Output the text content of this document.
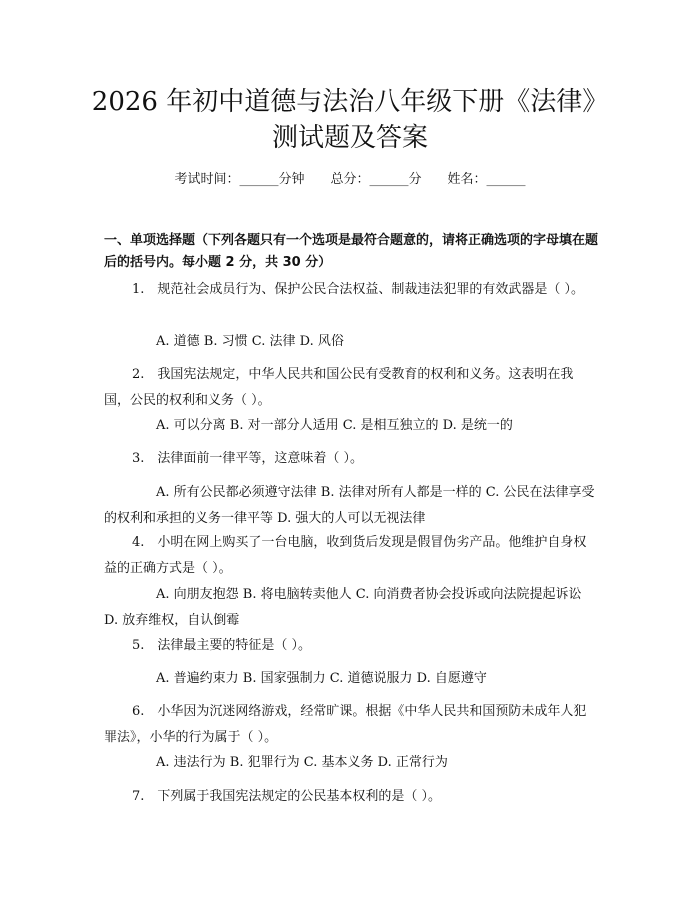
2026 年初中道德与法治八年级下册《法律》
测试题及答案
考试时间：______分钟 总分：______分 姓名：______
一、单项选择题（下列各题只有一个选项是最符合题意的，请将正确选项的字母填在题后的括号内。每小题 2 分，共 30 分）
1.　规范社会成员行为、保护公民合法权益、制裁违法犯罪的有效武器是（ ）。
A. 道德 B. 习惯 C. 法律 D. 风俗
2.　我国宪法规定，中华人民共和国公民有受教育的权利和义务。这表明在我国，公民的权利和义务（ ）。
A. 可以分离 B. 对一部分人适用 C. 是相互独立的 D. 是统一的
3.　法律面前一律平等，这意味着（ ）。
A. 所有公民都必须遵守法律 B. 法律对所有人都是一样的 C. 公民在法律享受的权利和承担的义务一律平等 D. 强大的人可以无视法律
4.　小明在网上购买了一台电脑，收到货后发现是假冒伪劣产品。他维护自身权益的正确方式是（ ）。
A. 向朋友抱怨 B. 将电脑转卖他人 C. 向消费者协会投诉或向法院提起诉讼 D. 放弃维权，自认倒霉
5.　法律最主要的特征是（ ）。
A. 普遍约束力 B. 国家强制力 C. 道德说服力 D. 自愿遵守
6.　小华因为沉迷网络游戏，经常旷课。根据《中华人民共和国预防未成年人犯罪法》，小华的行为属于（ ）。
A. 违法行为 B. 犯罪行为 C. 基本义务 D. 正常行为
7.　下列属于我国宪法规定的公民基本权利的是（ ）。
